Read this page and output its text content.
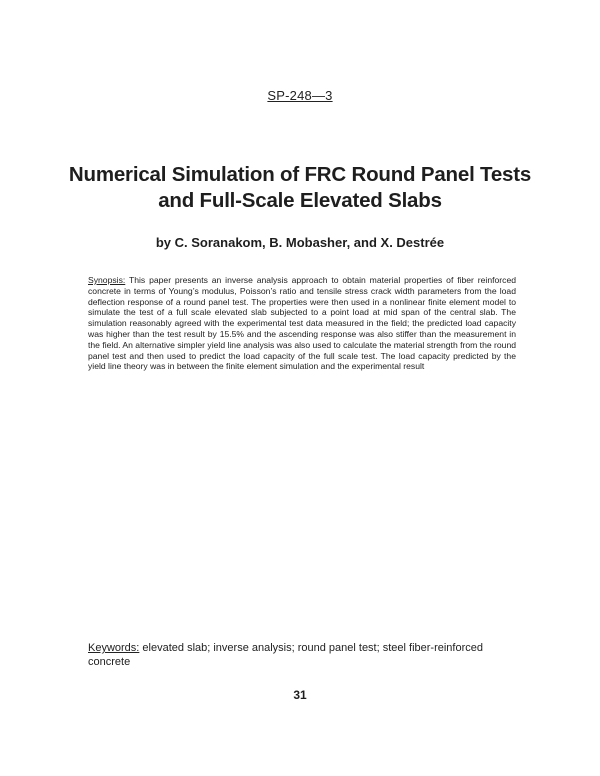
SP-248—3
Numerical Simulation of FRC Round Panel Tests
and Full-Scale Elevated Slabs
by C. Soranakom, B. Mobasher, and X. Destrée
Synopsis: This paper presents an inverse analysis approach to obtain material properties of fiber reinforced concrete in terms of Young’s modulus, Poisson’s ratio and tensile stress crack width parameters from the load deflection response of a round panel test. The properties were then used in a nonlinear finite element model to simulate the test of a full scale elevated slab subjected to a point load at mid span of the central slab. The simulation reasonably agreed with the experimental test data measured in the field; the predicted load capacity was higher than the test result by 15.5% and the ascending response was also stiffer than the measurement in the field. An alternative simpler yield line analysis was also used to calculate the material strength from the round panel test and then used to predict the load capacity of the full scale test. The load capacity predicted by the yield line theory was in between the finite element simulation and the experimental result
Keywords: elevated slab; inverse analysis; round panel test; steel fiber-reinforced concrete
31
